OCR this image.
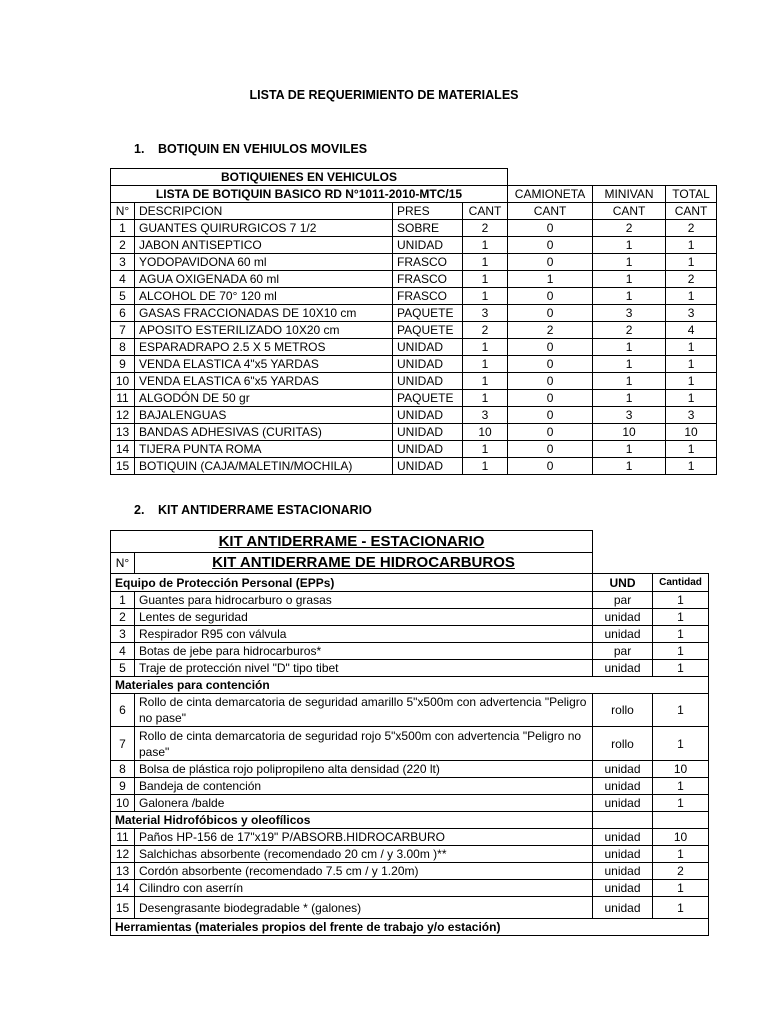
LISTA DE REQUERIMIENTO DE MATERIALES
1. BOTIQUIN EN VEHIULOS MOVILES
BOTIQUIENES EN VEHICULOS						
LISTA DE BOTIQUIN BASICO RD N°1011-2010-MTC/15				CAMIONETA	MINIVAN	TOTAL
N°	DESCRIPCION	PRES	CANT	CANT	CANT	CANT
1	GUANTES QUIRURGICOS 7 1/2	SOBRE	2	0	2	2
2	JABON ANTISEPTICO	UNIDAD	1	0	1	1
3	YODOPAVIDONA 60 ml	FRASCO	1	0	1	1
4	AGUA OXIGENADA 60 ml	FRASCO	1	1	1	2
5	ALCOHOL DE 70° 120 ml	FRASCO	1	0	1	1
6	GASAS FRACCIONADAS DE 10X10 cm	PAQUETE	3	0	3	3
7	APOSITO ESTERILIZADO 10X20 cm	PAQUETE	2	2	2	4
8	ESPARADRAPO 2.5 X 5 METROS	UNIDAD	1	0	1	1
9	VENDA ELASTICA 4"x5 YARDAS	UNIDAD	1	0	1	1
10	VENDA ELASTICA 6"x5 YARDAS	UNIDAD	1	0	1	1
11	ALGODÓN DE 50 gr	PAQUETE	1	0	1	1
12	BAJALENGUAS	UNIDAD	3	0	3	3
13	BANDAS ADHESIVAS (CURITAS)	UNIDAD	10	0	10	10
14	TIJERA PUNTA ROMA	UNIDAD	1	0	1	1
15	BOTIQUIN (CAJA/MALETIN/MOCHILA)	UNIDAD	1	0	1	1
2. KIT ANTIDERRAME ESTACIONARIO
KIT ANTIDERRAME - ESTACIONARIO			
N°	KIT ANTIDERRAME DE HIDROCARBUROS		
Equipo de Protección Personal (EPPs)		UND	Cantidad
1	Guantes para hidrocarburo o grasas	par	1
2	Lentes de seguridad	unidad	1
3	Respirador R95 con válvula	unidad	1
4	Botas de jebe para hidrocarburos*	par	1
5	Traje de protección nivel "D" tipo tibet	unidad	1
Materiales para contención			
6	Rollo de cinta demarcatoria de seguridad amarillo 5"x500m con advertencia "Peligro no pase"	rollo	1
7	Rollo de cinta demarcatoria de seguridad rojo 5"x500m con advertencia "Peligro no pase"	rollo	1
8	Bolsa de plástica rojo polipropileno alta densidad (220 lt)	unidad	10
9	Bandeja de contención	unidad	1
10	Galonera /balde	unidad	1
Material Hidrofóbicos y oleofílicos			
11	Paños HP-156 de 17"x19" P/ABSORB.HIDROCARBURO	unidad	10
12	Salchichas absorbente (recomendado 20 cm / y 3.00m )**	unidad	1
13	Cordón absorbente (recomendado 7.5 cm / y 1.20m)	unidad	2
14	Cilindro con aserrín	unidad	1
15	Desengrasante biodegradable * (galones)	unidad	1
Herramientas (materiales propios del frente de trabajo y/o estación)			
